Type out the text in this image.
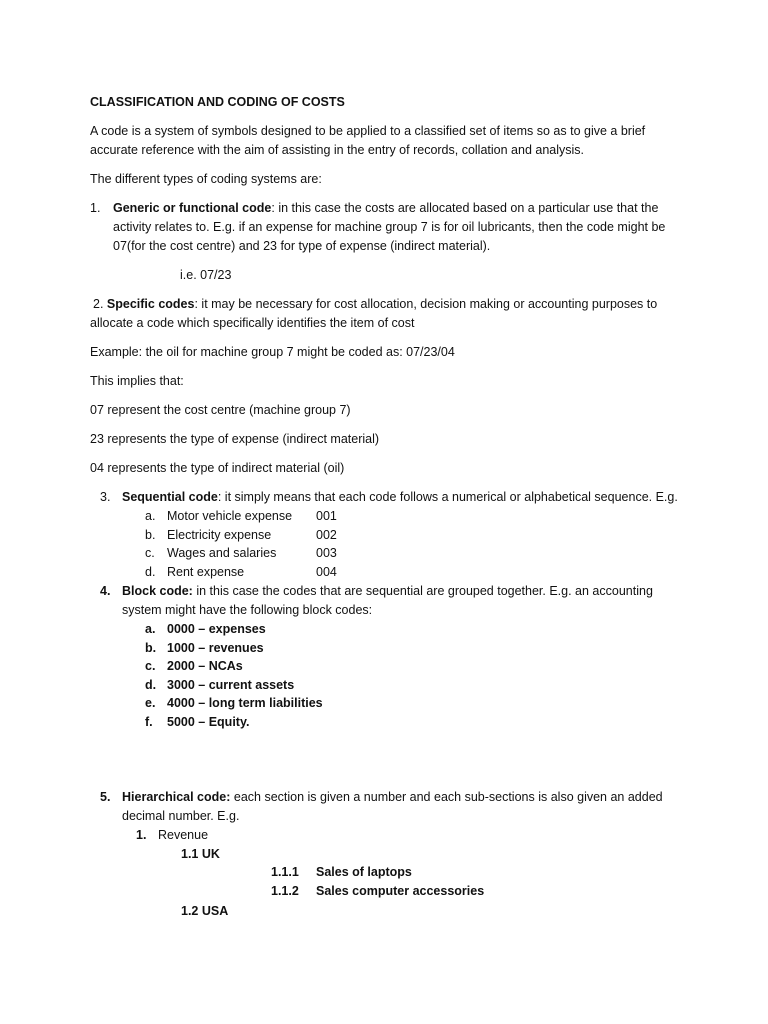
CLASSIFICATION AND CODING OF COSTS
A code is a system of symbols designed to be applied to a classified set of items so as to give a brief
accurate reference with the aim of assisting in the entry of records, collation and analysis.
The different types of coding systems are:
1. Generic or functional code: in this case the costs are allocated based on a particular use that the
activity relates to. E.g. if an expense for machine group 7 is for oil lubricants, then the code might be
07(for the cost centre) and 23 for type of expense (indirect material).
i.e. 07/23
2. Specific codes: it may be necessary for cost allocation, decision making or accounting purposes to
allocate a code which specifically identifies the item of cost
Example: the oil for machine group 7 might be coded as: 07/23/04
This implies that:
07 represent the cost centre (machine group 7)
23 represents the type of expense (indirect material)
04 represents the type of indirect material (oil)
3. Sequential code: it simply means that each code follows a numerical or alphabetical sequence. E.g.
a. Motor vehicle expense 001
b. Electricity expense	002
c. Wages and salaries	003
d. Rent expense	004
4. Block code: in this case the codes that are sequential are grouped together. E.g. an accounting
system might have the following block codes:
a. 0000 – expenses
b. 1000 – revenues
c. 2000 – NCAs
d. 3000 – current assets
e. 4000 – long term liabilities
f. 5000 – Equity.
5. Hierarchical code: each section is given a number and each sub-sections is also given an added
decimal number. E.g.
1. Revenue
1.1 UK
1.1.1 Sales of laptops
1.1.2 Sales computer accessories
1.2 USA
